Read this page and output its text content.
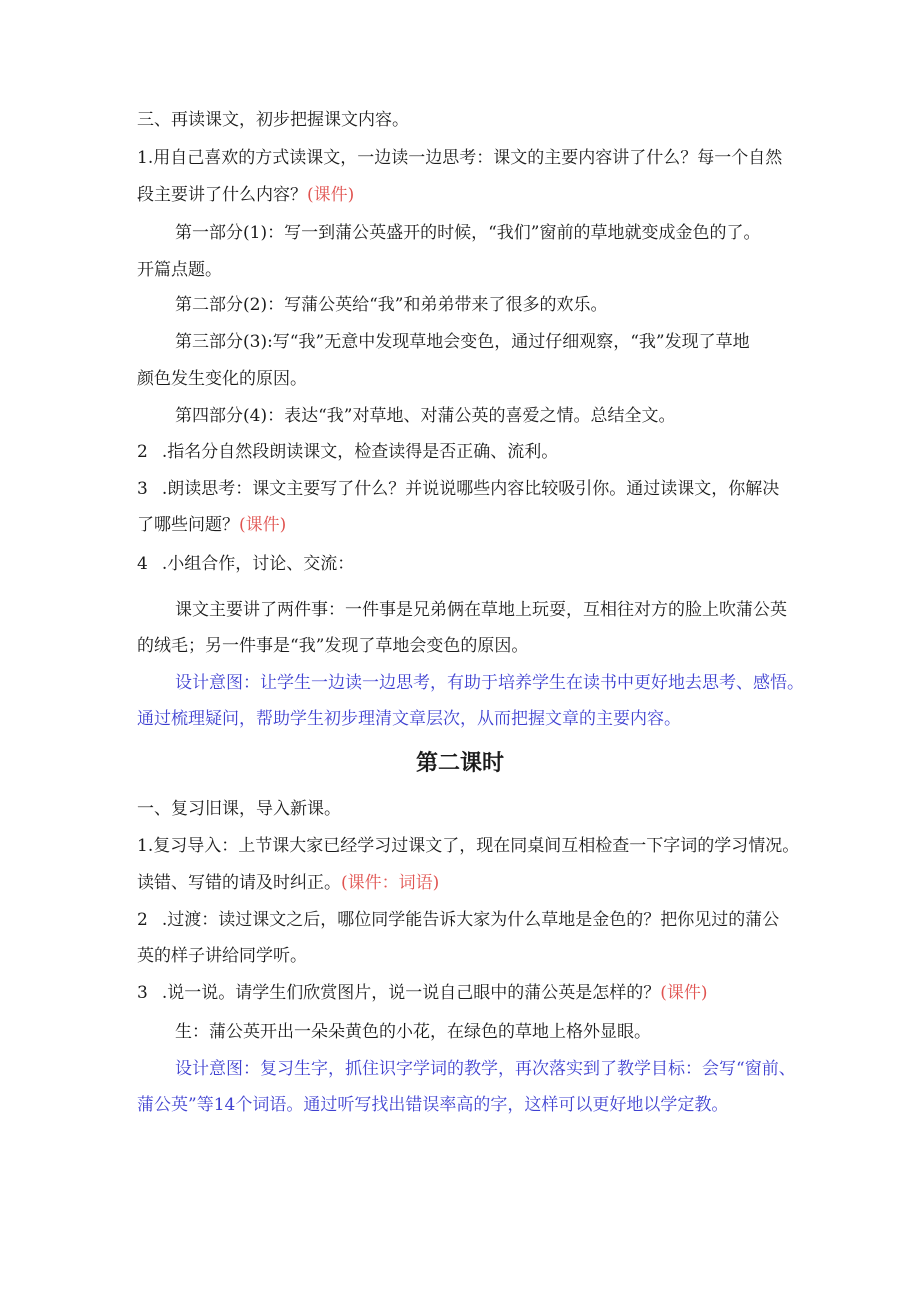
三、再读课文，初步把握课文内容。

1.用自己喜欢的方式读课文，一边读一边思考：课文的主要内容讲了什么？每一个自然

段主要讲了什么内容？(课件)

第一部分(1)：写一到蒲公英盛开的时候，“我们”窗前的草地就变成金色的了。

开篇点题。

第二部分(2)：写蒲公英给“我”和弟弟带来了很多的欢乐。

第三部分(3):写“我”无意中发现草地会变色，通过仔细观察，“我”发现了草地

颜色发生变化的原因。

第四部分(4)：表达“我”对草地、对蒲公英的喜爱之情。总结全文。

2 .指名分自然段朗读课文，检查读得是否正确、流利。

3 .朗读思考：课文主要写了什么？并说说哪些内容比较吸引你。通过读课文，你解决

了哪些问题？(课件)

4 .小组合作，讨论、交流：

课文主要讲了两件事：一件事是兄弟俩在草地上玩耍，互相往对方的脸上吹蒲公英

的绒毛；另一件事是“我”发现了草地会变色的原因。

设计意图：让学生一边读一边思考，有助于培养学生在读书中更好地去思考、感悟。

通过梳理疑问，帮助学生初步理清文章层次，从而把握文章的主要内容。

第二课时

一、复习旧课，导入新课。

1.复习导入：上节课大家已经学习过课文了，现在同桌间互相检查一下字词的学习情况。

读错、写错的请及时纠正。(课件：词语)

2 .过渡：读过课文之后，哪位同学能告诉大家为什么草地是金色的？把你见过的蒲公

英的样子讲给同学听。

3 .说一说。请学生们欣赏图片，说一说自己眼中的蒲公英是怎样的？(课件)

生：蒲公英开出一朵朵黄色的小花，在绿色的草地上格外显眼。

设计意图：复习生字，抓住识字学词的教学，再次落实到了教学目标：会写“窗前、

蒲公英”等14个词语。通过听写找出错误率高的字，这样可以更好地以学定教。
